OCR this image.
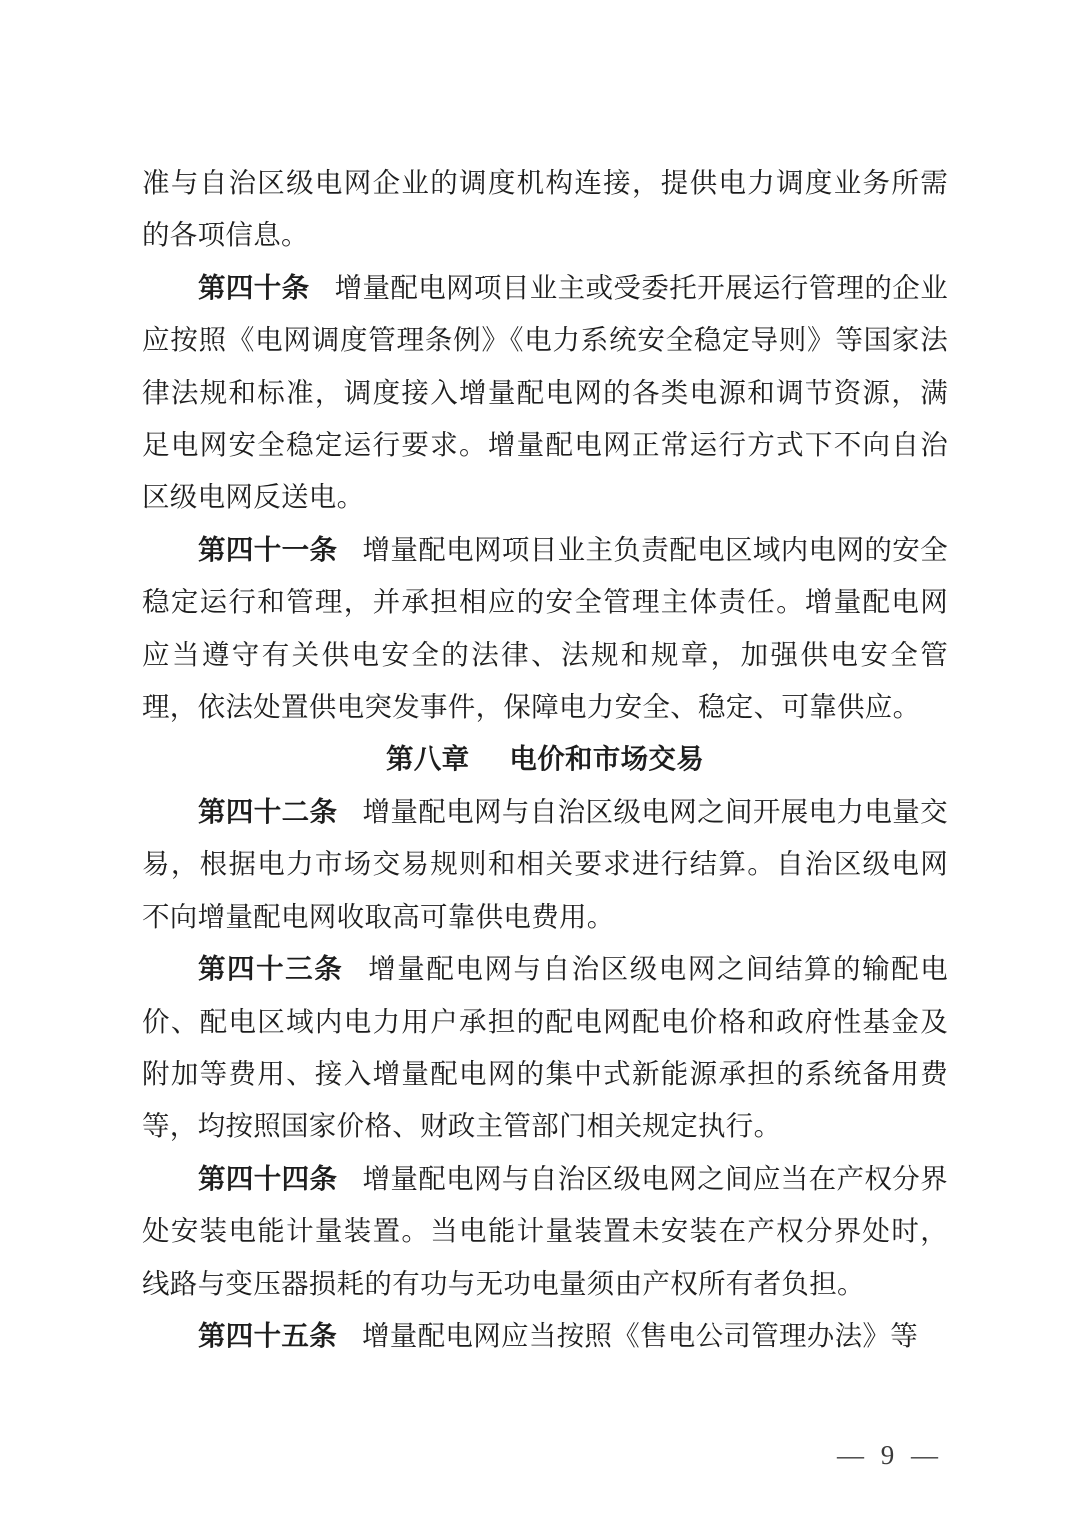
准与自治区级电网企业的调度机构连接，提供电力调度业务所需的各项信息。

第四十条 增量配电网项目业主或受委托开展运行管理的企业应按照《电网调度管理条例》《电力系统安全稳定导则》等国家法律法规和标准，调度接入增量配电网的各类电源和调节资源，满足电网安全稳定运行要求。增量配电网正常运行方式下不向自治区级电网反送电。

第四十一条 增量配电网项目业主负责配电区域内电网的安全稳定运行和管理，并承担相应的安全管理主体责任。增量配电网应当遵守有关供电安全的法律、法规和规章，加强供电安全管理，依法处置供电突发事件，保障电力安全、稳定、可靠供应。

第八章 电价和市场交易

第四十二条 增量配电网与自治区级电网之间开展电力电量交易，根据电力市场交易规则和相关要求进行结算。自治区级电网不向增量配电网收取高可靠供电费用。

第四十三条 增量配电网与自治区级电网之间结算的输配电价、配电区域内电力用户承担的配电网配电价格和政府性基金及附加等费用、接入增量配电网的集中式新能源承担的系统备用费等，均按照国家价格、财政主管部门相关规定执行。

第四十四条 增量配电网与自治区级电网之间应当在产权分界处安装电能计量装置。当电能计量装置未安装在产权分界处时，线路与变压器损耗的有功与无功电量须由产权所有者负担。

第四十五条 增量配电网应当按照《售电公司管理办法》等

— 9 —
